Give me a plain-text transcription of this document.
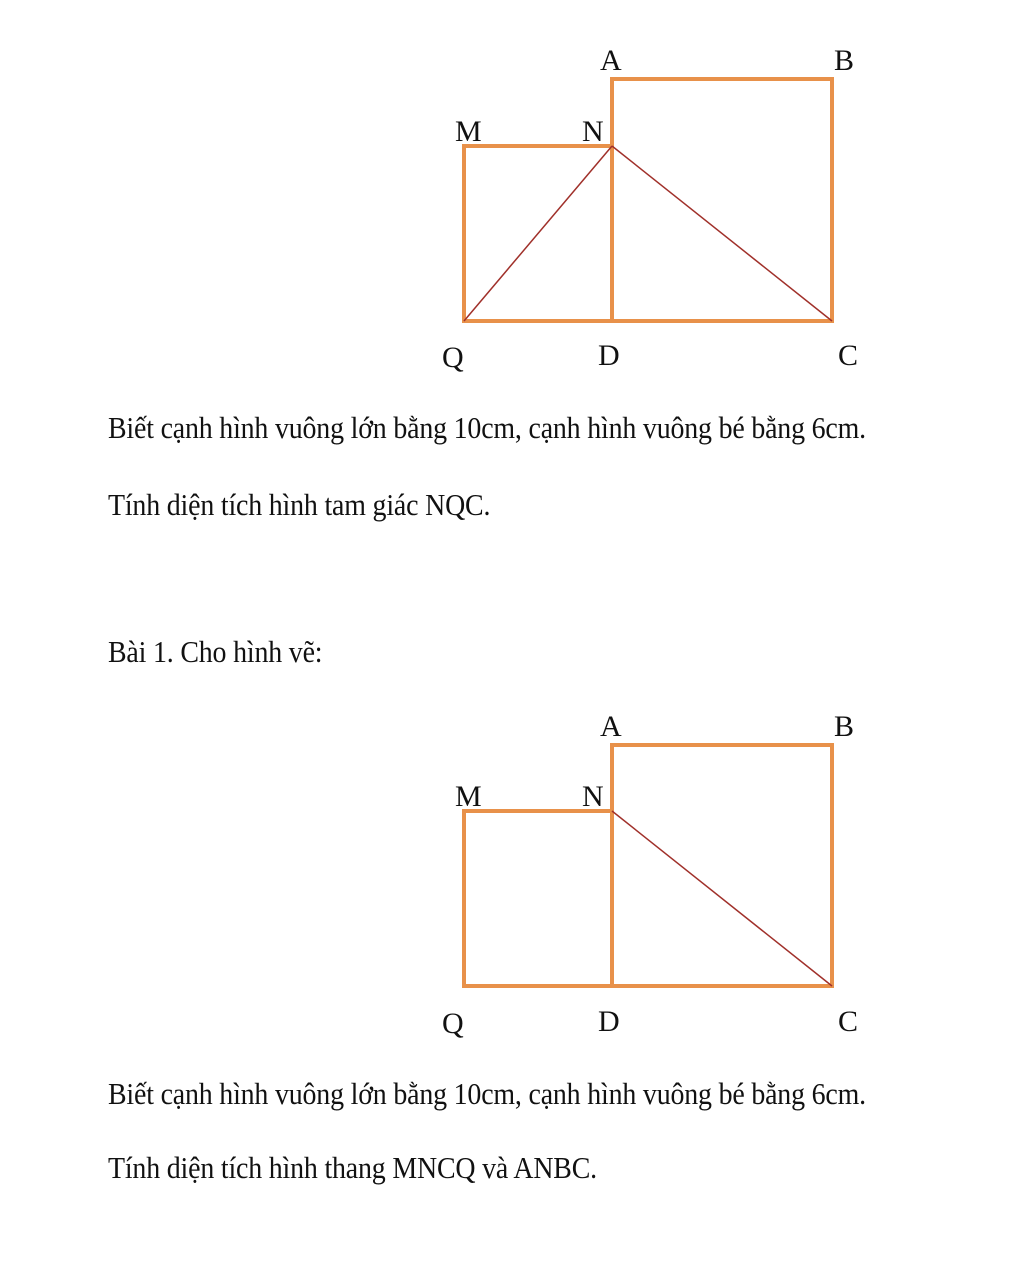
A	B
M	N
Q	D	C
Biết cạnh hình vuông lớn bằng 10cm, cạnh hình vuông bé bằng 6cm.
Tính diện tích hình tam giác NQC.
Bài 1. Cho hình vẽ:
A	B
M	N
Q	D	C
Biết cạnh hình vuông lớn bằng 10cm, cạnh hình vuông bé bằng 6cm.
Tính diện tích hình thang MNCQ và ANBC.
